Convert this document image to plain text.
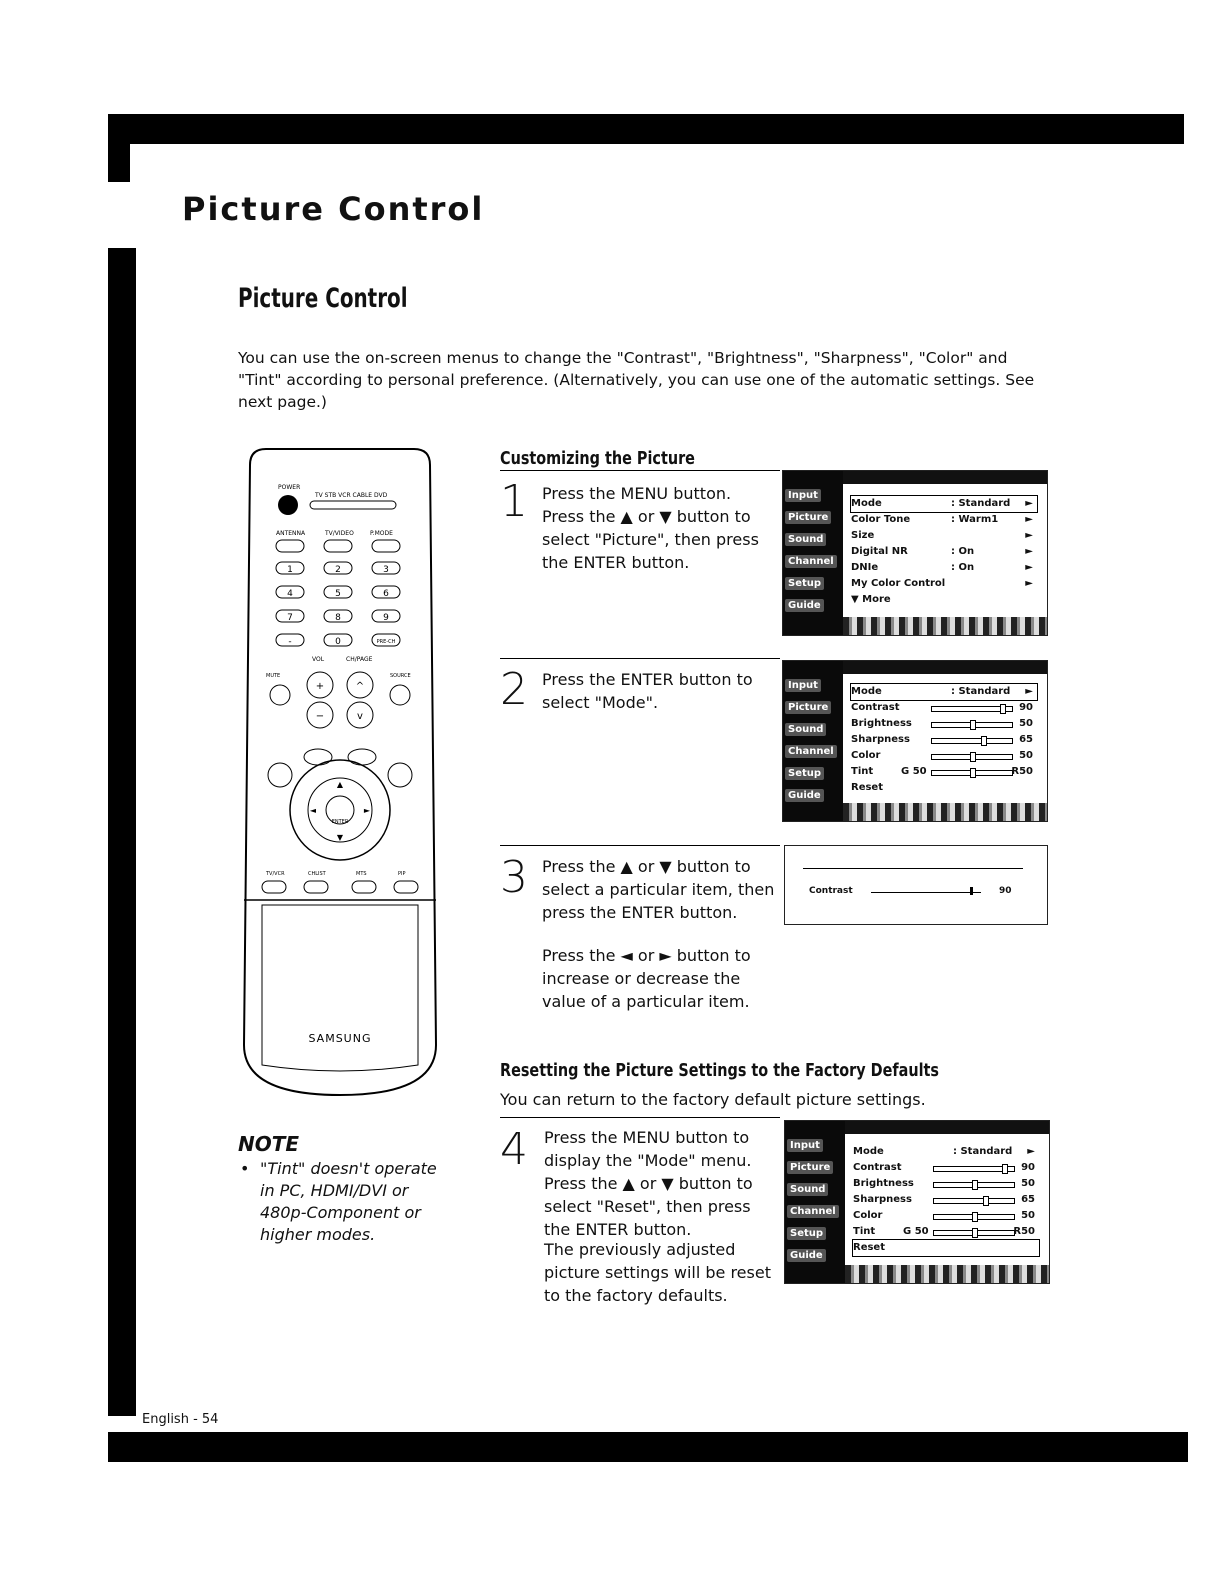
Picture Control
Picture Control

You can use the on-screen menus to change the "Contrast", "Brightness", "Sharpness", "Color" and "Tint" according to personal preference. (Alternatively, you can use one of the automatic settings. See next page.)

POWER
TV STB VCR CABLE DVD
ANTENNA	TV/VIDEO	P.MODE
1	2	3
4	5	6
7	8	9
-	0	PRE-CH
VOL	CH/PAGE
MUTE	SOURCE
+
−
^
v
ENTER
▲
▼
◄	►
TV/VCR	CHLIST	MTS	PIP
SAMSUNG
Customizing the Picture
1 Press the MENU button. Press the ▲ or ▼ button to select "Picture", then press the ENTER button.

2 Press the ENTER button to select "Mode".

3 Press the ▲ or ▼ button to select a particular item, then press the ENTER button.

Press the ◄ or ► button to increase or decrease the value of a particular item.

Input
Picture
Sound
Channel
Setup
Guide
Mode	: Standard ►
Color Tone	: Warm1	►
Size	►
Digital NR	: On	►
DNIe	: On	►
My Color Control	►
▼ More
Input
Picture
Sound
Channel
Setup
Guide
Mode	: Standard ►
Contrast	90
Brightness	50
Sharpness	65
Color	50
Tint	G 50	R50
Reset
Contrast	90
Resetting the Picture Settings to the Factory Defaults

You can return to the factory default picture settings.

4 Press the MENU button to display the "Mode" menu. Press the ▲ or ▼ button to select "Reset", then press the ENTER button.

The previously adjusted picture settings will be reset to the factory defaults.

Input
Picture
Sound
Channel
Setup
Guide
Mode	: Standard ►
Contrast	90
Brightness	50
Sharpness	65
Color	50
Tint	G 50	R50
Reset
NOTE
• "Tint" doesn't operate in PC, HDMI/DVI or 480p-Component or higher modes.
English - 54
